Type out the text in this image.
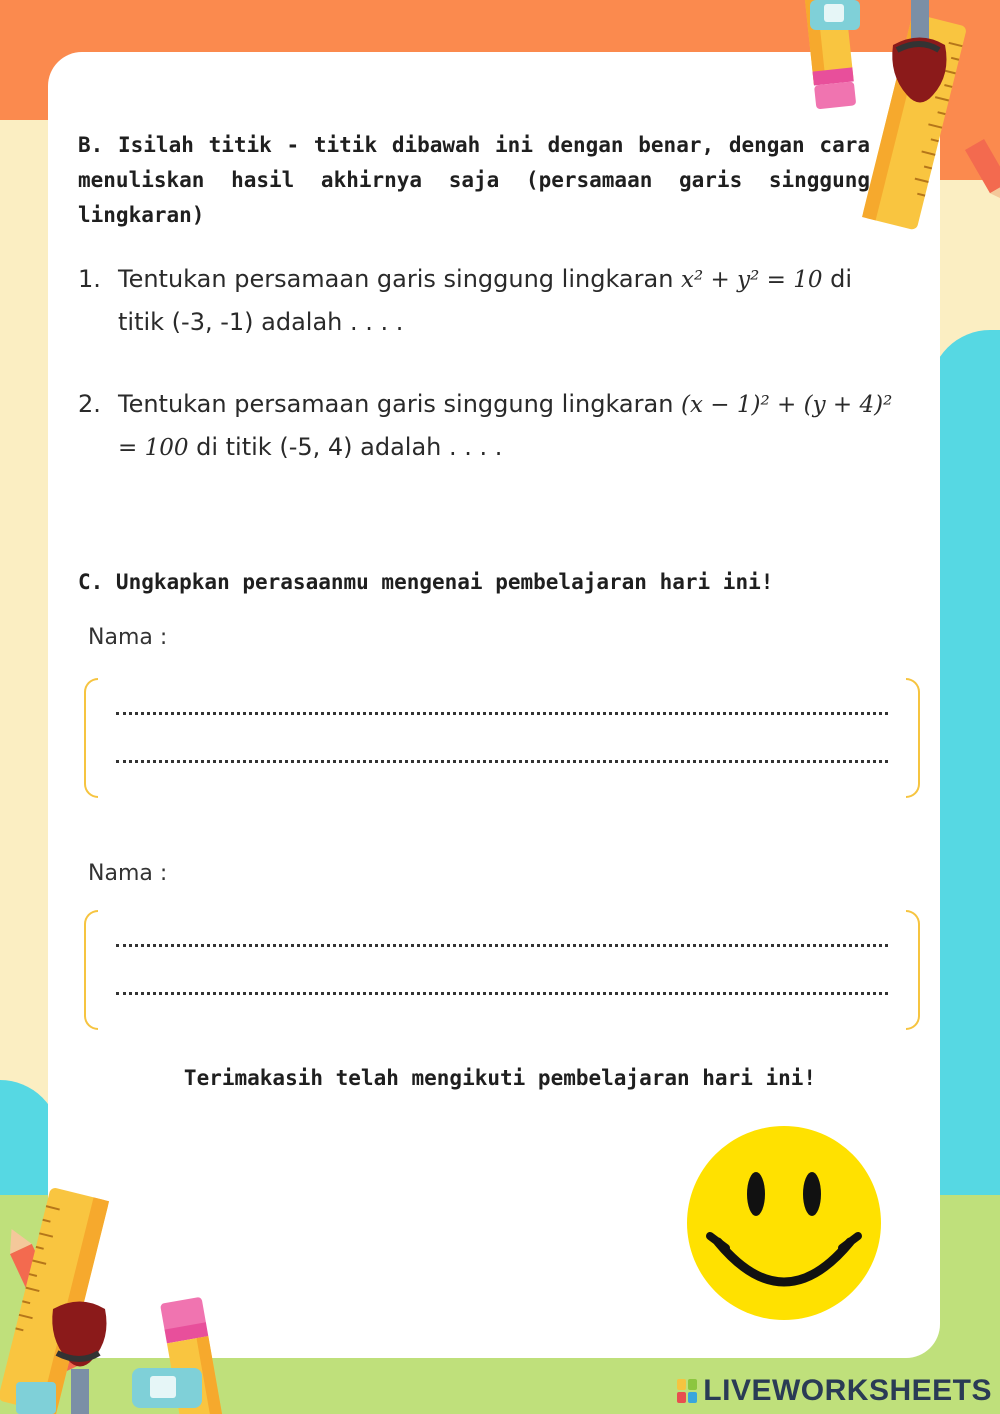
B. Isilah titik - titik dibawah ini dengan benar, dengan cara menuliskan hasil akhirnya saja (persamaan garis singgung lingkaran)
1. Tentukan persamaan garis singgung lingkaran x² + y² = 10 di titik (-3, -1) adalah . . . .
2. Tentukan persamaan garis singgung lingkaran (x − 1)² + (y + 4)² = 100 di titik (-5, 4) adalah . . . .
C. Ungkapkan perasaanmu mengenai pembelajaran hari ini!
Nama :
Nama :
Terimakasih telah mengikuti pembelajaran hari ini!
LIVEWORKSHEETS
